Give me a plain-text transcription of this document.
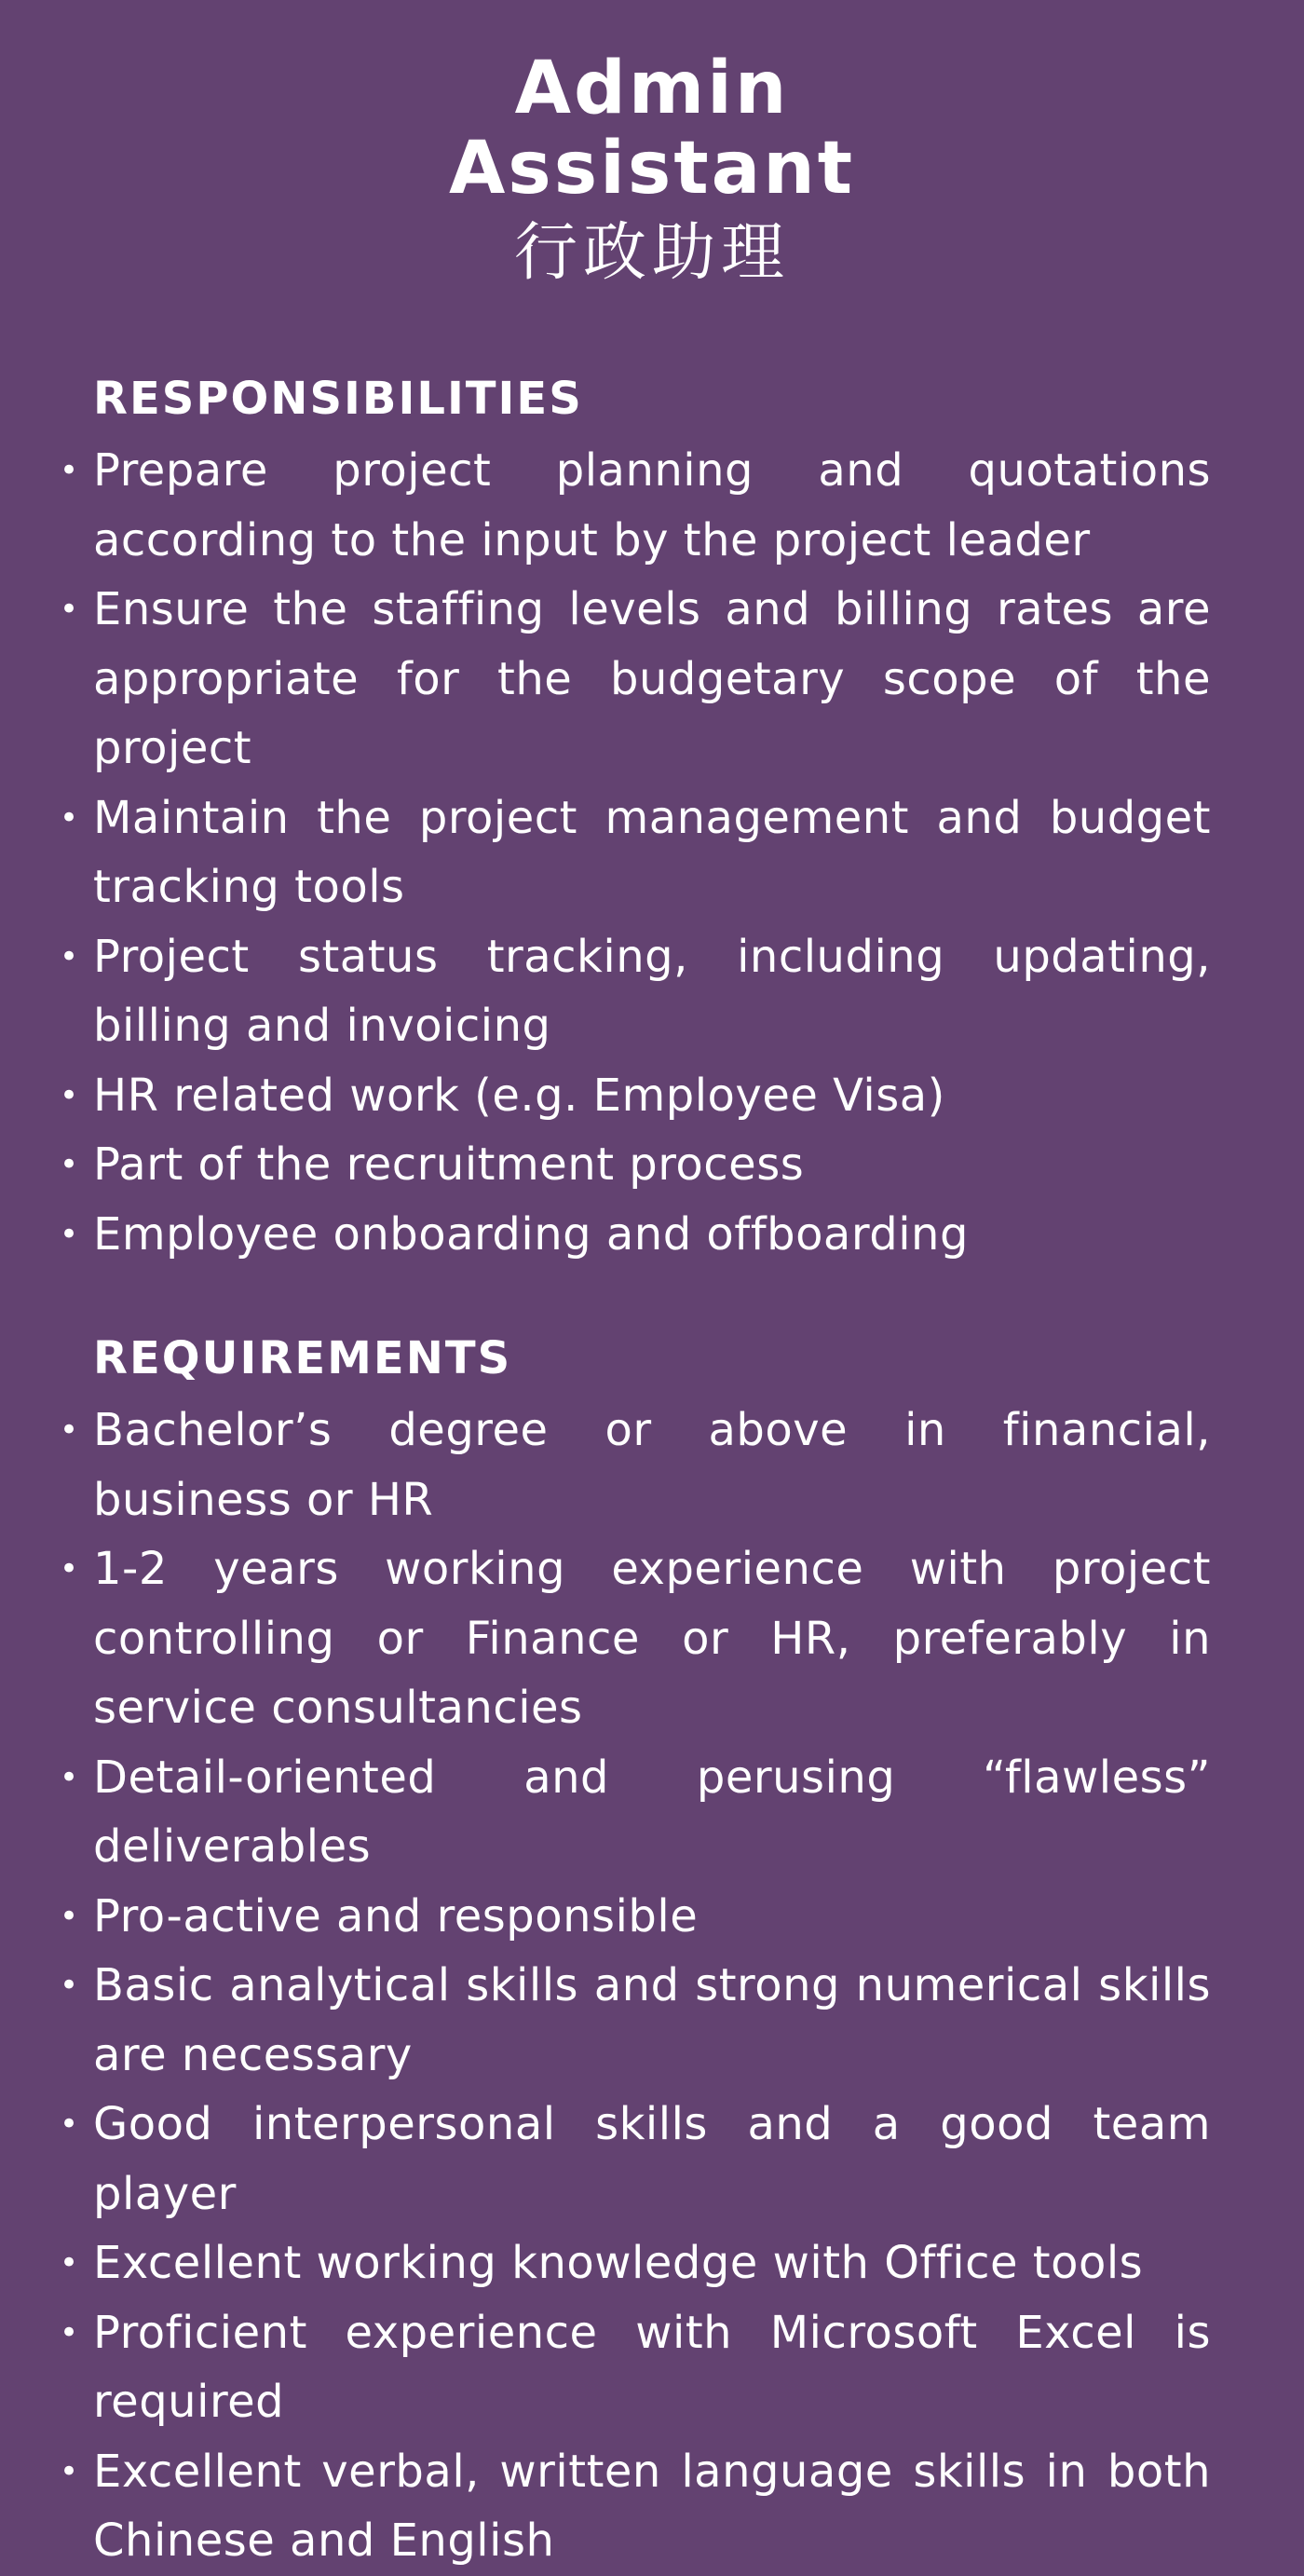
Admin
Assistant
行政助理
RESPONSIBILITIES
• Prepare project planning and quotations according to the input by the project leader
• Ensure the staffing levels and billing rates are appropriate for the budgetary scope of the project
• Maintain the project management and budget tracking tools
• Project status tracking, including updating, billing and invoicing
• HR related work (e.g. Employee Visa)
• Part of the recruitment process
• Employee onboarding and offboarding
REQUIREMENTS
• Bachelor’s degree or above in financial, business or HR
• 1-2 years working experience with project controlling or Finance or HR, preferably in service consultancies
• Detail-oriented and perusing “flawless” deliverables
• Pro-active and responsible
• Basic analytical skills and strong numerical skills are necessary
• Good interpersonal skills and a good team player
• Excellent working knowledge with Office tools
• Proficient experience with Microsoft Excel is required
• Excellent verbal, written language skills in both Chinese and English
